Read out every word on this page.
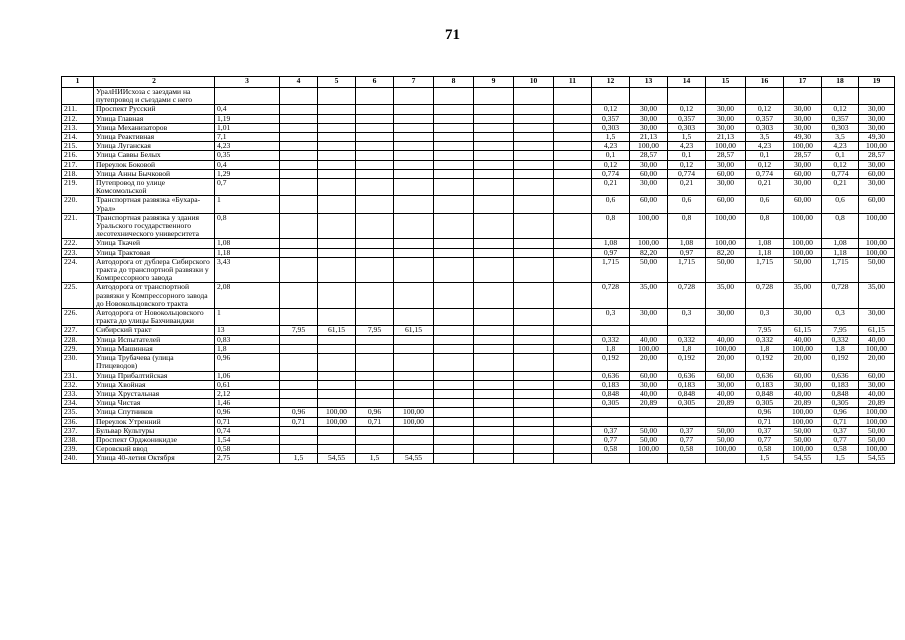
71
1	2	3	4	5	6	7	8	9	10	11	12	13	14	15	16	17	18	19
	УралНИИсхоза с заездами на путепровод и съездами с него																	
211.	Проспект Русский	0,4									0,12	30,00	0,12	30,00	0,12	30,00	0,12	30,00
212.	Улица Главная	1,19									0,357	30,00	0,357	30,00	0,357	30,00	0,357	30,00
213.	Улица Механизаторов	1,01									0,303	30,00	0,303	30,00	0,303	30,00	0,303	30,00
214.	Улица Реактивная	7,1									1,5	21,13	1,5	21,13	3,5	49,30	3,5	49,30
215.	Улица Луганская	4,23									4,23	100,00	4,23	100,00	4,23	100,00	4,23	100,00
216.	Улица Саввы Белых	0,35									0,1	28,57	0,1	28,57	0,1	28,57	0,1	28,57
217.	Переулок Боковой	0,4									0,12	30,00	0,12	30,00	0,12	30,00	0,12	30,00
218.	Улица Анны Бычковой	1,29									0,774	60,00	0,774	60,00	0,774	60,00	0,774	60,00
219.	Путепровод по улице Комсомольской	0,7									0,21	30,00	0,21	30,00	0,21	30,00	0,21	30,00
220.	Транспортная развязка «Бухара-Урал»	1									0,6	60,00	0,6	60,00	0,6	60,00	0,6	60,00
221.	Транспортная развязка у здания Уральского государственного лесотехнического университета	0,8									0,8	100,00	0,8	100,00	0,8	100,00	0,8	100,00
222.	Улица Ткачей	1,08									1,08	100,00	1,08	100,00	1,08	100,00	1,08	100,00
223.	Улица Трактовая	1,18									0,97	82,20	0,97	82,20	1,18	100,00	1,18	100,00
224.	Автодорога от дублера Сибирского тракта до транспортной развязки у Компрессорного завода	3,43									1,715	50,00	1,715	50,00	1,715	50,00	1,715	50,00
225.	Автодорога от транспортной развязки у Компрессорного завода до Новокольцовского тракта	2,08									0,728	35,00	0,728	35,00	0,728	35,00	0,728	35,00
226.	Автодорога от Новокольцовского тракта до улицы Бахчиванджи	1									0,3	30,00	0,3	30,00	0,3	30,00	0,3	30,00
227.	Сибирский тракт	13	7,95	61,15	7,95	61,15									7,95	61,15	7,95	61,15
228.	Улица Испытателей	0,83									0,332	40,00	0,332	40,00	0,332	40,00	0,332	40,00
229.	Улица Машинная	1,8									1,8	100,00	1,8	100,00	1,8	100,00	1,8	100,00
230.	Улица Трубачева (улица Птицеводов)	0,96									0,192	20,00	0,192	20,00	0,192	20,00	0,192	20,00
231.	Улица Прибалтийская	1,06									0,636	60,00	0,636	60,00	0,636	60,00	0,636	60,00
232.	Улица Хвойная	0,61									0,183	30,00	0,183	30,00	0,183	30,00	0,183	30,00
233.	Улица Хрустальная	2,12									0,848	40,00	0,848	40,00	0,848	40,00	0,848	40,00
234.	Улица Чистая	1,46									0,305	20,89	0,305	20,89	0,305	20,89	0,305	20,89
235.	Улица Спутников	0,96	0,96	100,00	0,96	100,00									0,96	100,00	0,96	100,00
236.	Переулок Утренний	0,71	0,71	100,00	0,71	100,00									0,71	100,00	0,71	100,00
237.	Бульвар Культуры	0,74									0,37	50,00	0,37	50,00	0,37	50,00	0,37	50,00
238.	Проспект Орджоникидзе	1,54									0,77	50,00	0,77	50,00	0,77	50,00	0,77	50,00
239.	Серовский ввод	0,58									0,58	100,00	0,58	100,00	0,58	100,00	0,58	100,00
240.	Улица 40-летия Октября	2,75	1,5	54,55	1,5	54,55									1,5	54,55	1,5	54,55
